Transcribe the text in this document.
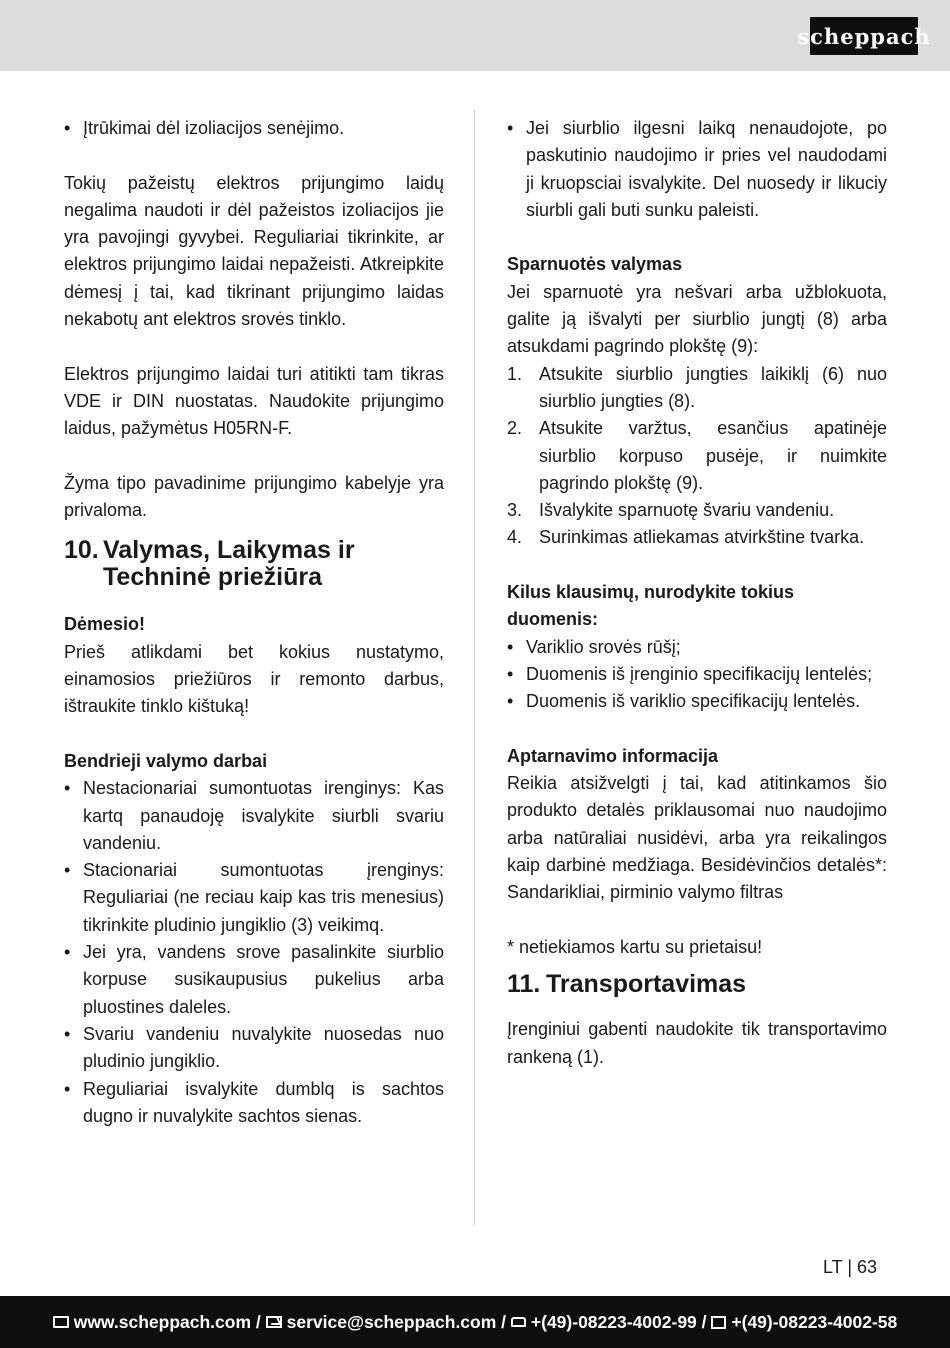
scheppach
• Įtrūkimai dėl izoliacijos senėjimo.

Tokių pažeistų elektros prijungimo laidų negalima naudoti ir dėl pažeistos izoliacijos jie yra pavojingi gyvybei. Reguliariai tikrinkite, ar elektros prijungimo laidai nepažeisti. Atkreipkite dėmesį į tai, kad tikrinant prijungimo laidas nekabotų ant elektros srovės tinklo.

Elektros prijungimo laidai turi atitikti tam tikras VDE ir DIN nuostatas. Naudokite prijungimo laidus, pažymėtus H05RN-F.

Žyma tipo pavadinime prijungimo kabelyje yra privaloma.

10. Valymas, Laikymas ir Techninė priežiūra
Dėmesio!

Prieš atlikdami bet kokius nustatymo, einamosios priežiūros ir remonto darbus, ištraukite tinklo kištuką!

Bendrieji valymo darbai
• Nestacionariai sumontuotas irenginys: Kas kartq panaudoję isvalykite siurbli svariu vandeniu.
• Stacionariai sumontuotas įrenginys: Reguliariai (ne reciau kaip kas tris menesius) tikrinkite pludinio jungiklio (3) veikimq.
• Jei yra, vandens srove pasalinkite siurblio korpuse susikaupusius pukelius arba pluostines daleles.
• Svariu vandeniu nuvalykite nuosedas nuo pludinio jungiklio.
• Reguliariai isvalykite dumblq is sachtos dugno ir nuvalykite sachtos sienas.
• Jei siurblio ilgesni laikq nenaudojote, po paskutinio naudojimo ir pries vel naudodami ji kruopsciai isvalykite. Del nuosedy ir likuciy siurbli gali buti sunku paleisti.
Sparnuotės valymas

Jei sparnuotė yra nešvari arba užblokuota, galite ją išvalyti per siurblio jungtį (8) arba atsukdami pagrindo plokštę (9):

1. Atsukite siurblio jungties laikiklį (6) nuo siurblio jungties (8).
2. Atsukite varžtus, esančius apatinėje siurblio korpuso pusėje, ir nuimkite pagrindo plokštę (9).
3. Išvalykite sparnuotę švariu vandeniu.
4. Surinkimas atliekamas atvirkštine tvarka.
Kilus klausimų, nurodykite tokius duomenis:
• Variklio srovės rūšį;
• Duomenis iš įrenginio specifikacijų lentelės;
• Duomenis iš variklio specifikacijų lentelės.
Aptarnavimo informacija

Reikia atsižvelgti į tai, kad atitinkamos šio produkto detalės priklausomai nuo naudojimo arba natūraliai nusidėvi, arba yra reikalingos kaip darbinė medžiaga. Besidėvinčios detalės*: Sandarikliai, pirminio valymo filtras

* netiekiamos kartu su prietaisu!

11. Transportavimas

Įrenginiui gabenti naudokite tik transportavimo rankeną (1).

LT | 63
www.scheppach.com /
service@scheppach.com /
+(49)-08223-4002-99 /
+(49)-08223-4002-58
